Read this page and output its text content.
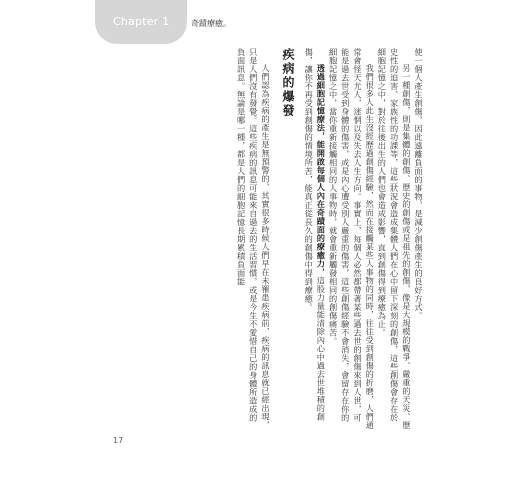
Chapter 1	奇蹟療癒。

使一個人產生創傷，因此遠離負面的事物，是減少創傷產生的良好方式。

另一種創傷，則是集體的創傷、歷史的創傷或是祖先的創傷，像是大規模的戰爭、嚴重的天災、歷史性的迫害、家族性的功課等，這些狀況會造成集體人們在心中留下深刻的創傷，這些創傷會存在於細胞記憶之中，對於往後出生的人們也會造成影響，直到創傷得到療癒為止。

我們很多人此生沒經歷過創傷經驗，然而在接觸某些人事物的同時，往往受到創傷的折磨，人們通常會怪天尤人，迷惘以及失去人生方向。事實上，每個人必然都帶著某些過去世的創傷來到人世，可能是過去世受到身體的傷害，或是內心遭受別人嚴重的傷害，這些創傷經驗不會消失，會留存在你的細胞記憶之中，當你重新接觸相同的人事物時，就會重新觸發相同的創傷痛苦。

透過細胞記憶療法，能開啟每個人內在奇蹟面的療癒力，這股力量能清除內心中過去世堆積的創傷，讓你不再受到創傷的情境所苦，能真正從長久的創傷中得到療癒。

疾病的爆發

人們認為疾病的產生是無預警的，其實很多時候人們早在未罹患疾病前，疾病的訊息就已經出現，只是人們沒有發覺。這些疾病的訊息可能來自過去的生活習慣，或是今生不愛惜自己的身體所造成的負面訊息。無論是哪一種，都是人們的細胞記憶長期累積負面能

17
